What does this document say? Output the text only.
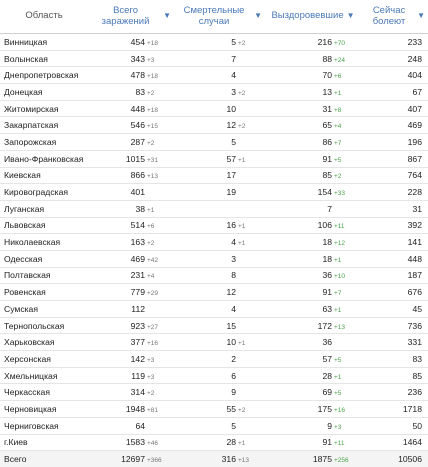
Область	Всего заражений ▼	Смертельные случаи ▼	Выздоровевшие ▼	Сейчас болеют ▼

Винницкая	454 +18	5 +2	216 +70	233
Волынская	343 +3	7	88 +24	248
Днепропетровская	478 +18	4	70 +6	404
Донецкая	83 +2	3 +2	13 +1	67
Житомирская	448 +18	10	31 +8	407
Закарпатская	546 +15	12 +2	65 +4	469
Запорожская	287 +2	5	86 +7	196
Ивано-Франковская	1015 +31	57 +1	91 +5	867
Киевская	866 +13	17	85 +2	764
Кировоградская	401	19	154 +33	228
Луганская	38 +1		7	31
Львовская	514 +6	16 +1	106 +11	392
Николаевская	163 +2	4 +1	18 +12	141
Одесская	469 +42	3	18 +1	448
Полтавская	231 +4	8	36 +10	187
Ровенская	779 +29	12	91 +7	676
Сумская	112	4	63 +1	45
Тернопольская	923 +27	15	172 +13	736
Харьковская	377 +16	10 +1	36	331
Херсонская	142 +3	2	57 +5	83
Хмельницкая	119 +3	6	28 +1	85
Черкасская	314 +2	9	69 +5	236
Черновицкая	1948 +81	55 +2	175 +16	1718
Черниговская	64	5	9 +3	50
г.Киев	1583 +46	28 +1	91 +11	1464
Всего	12697 +366	316 +13	1875 +256	10506
